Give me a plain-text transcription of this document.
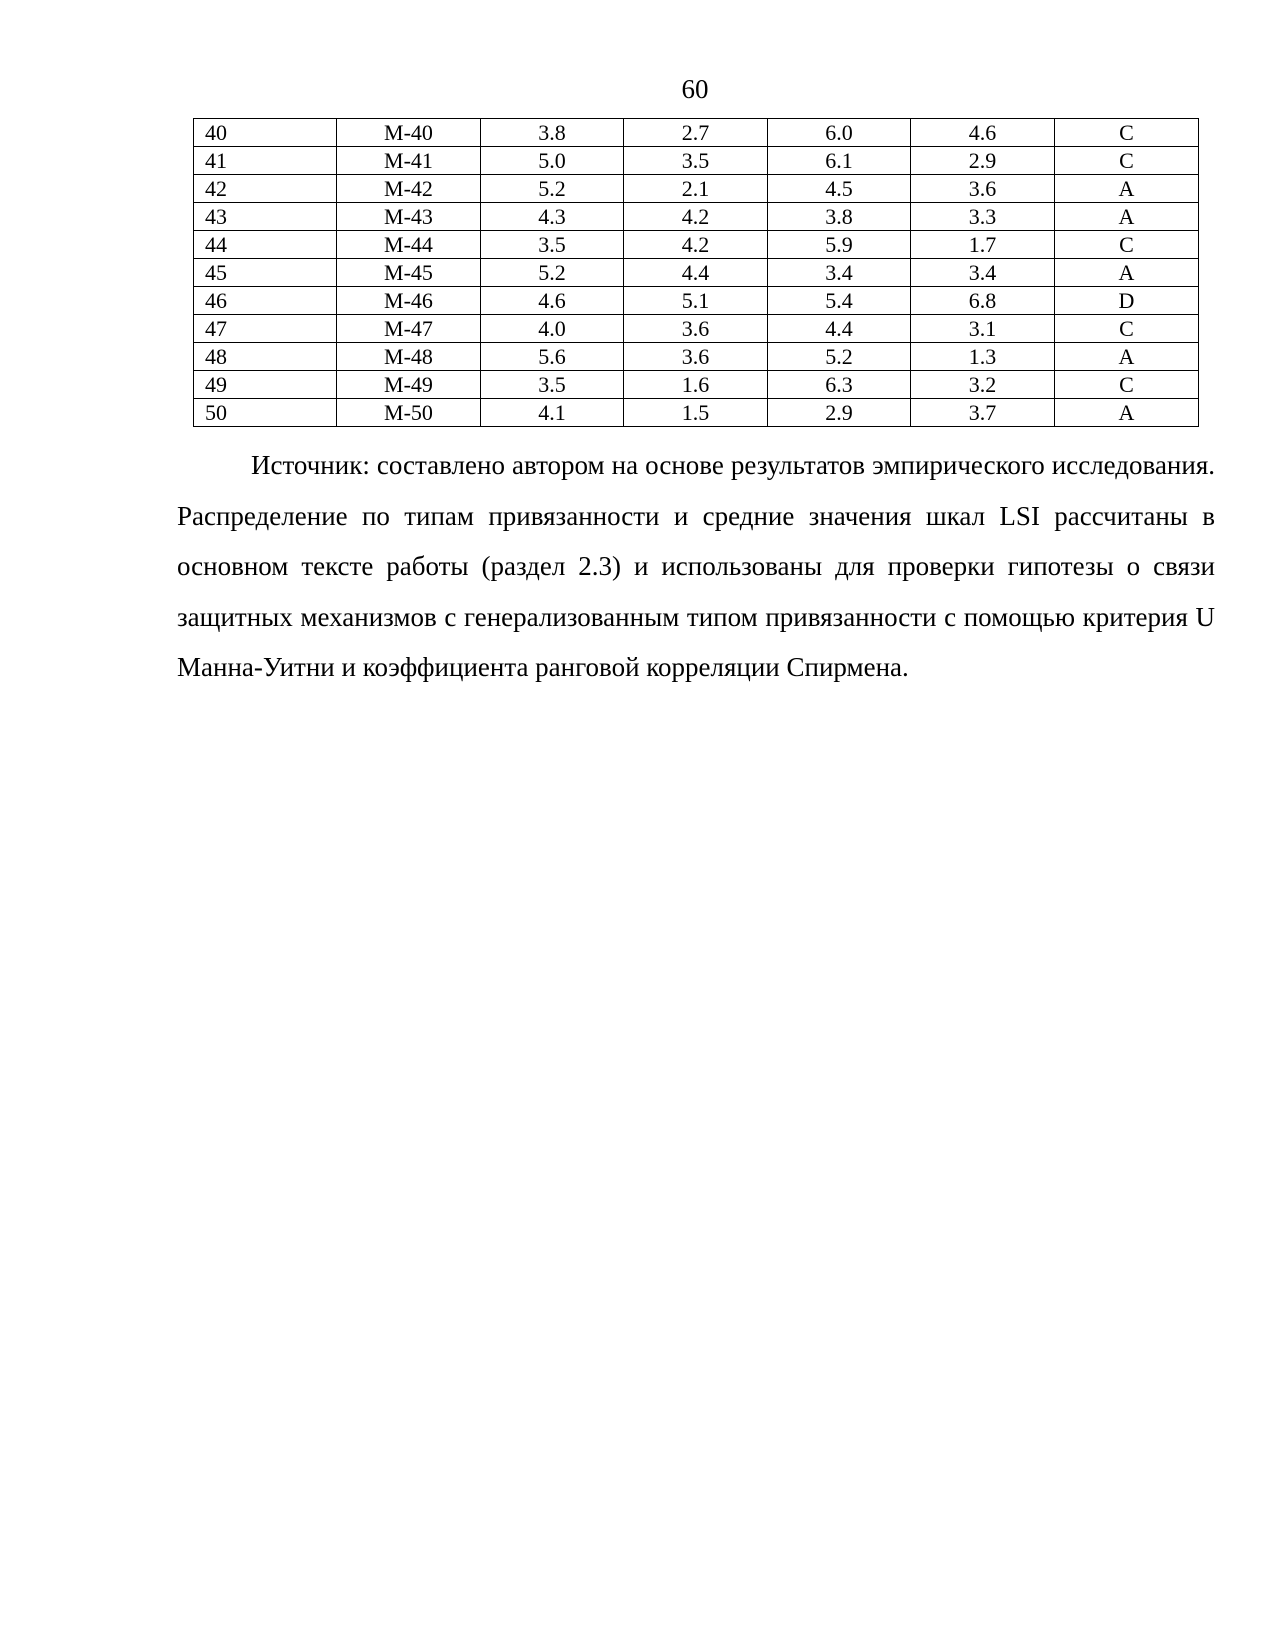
60
40	М-40	3.8	2.7	6.0	4.6	C
41	М-41	5.0	3.5	6.1	2.9	C
42	М-42	5.2	2.1	4.5	3.6	A
43	М-43	4.3	4.2	3.8	3.3	A
44	М-44	3.5	4.2	5.9	1.7	C
45	М-45	5.2	4.4	3.4	3.4	A
46	М-46	4.6	5.1	5.4	6.8	D
47	М-47	4.0	3.6	4.4	3.1	C
48	М-48	5.6	3.6	5.2	1.3	A
49	М-49	3.5	1.6	6.3	3.2	C
50	М-50	4.1	1.5	2.9	3.7	A

Источник: составлено автором на основе результатов эмпирического исследования. Распределение по типам привязанности и средние значения шкал LSI рассчитаны в основном тексте работы (раздел 2.3) и использованы для проверки гипотезы о связи защитных механизмов с генерализованным типом привязанности с помощью критерия U Манна-Уитни и коэффициента ранговой корреляции Спирмена.
